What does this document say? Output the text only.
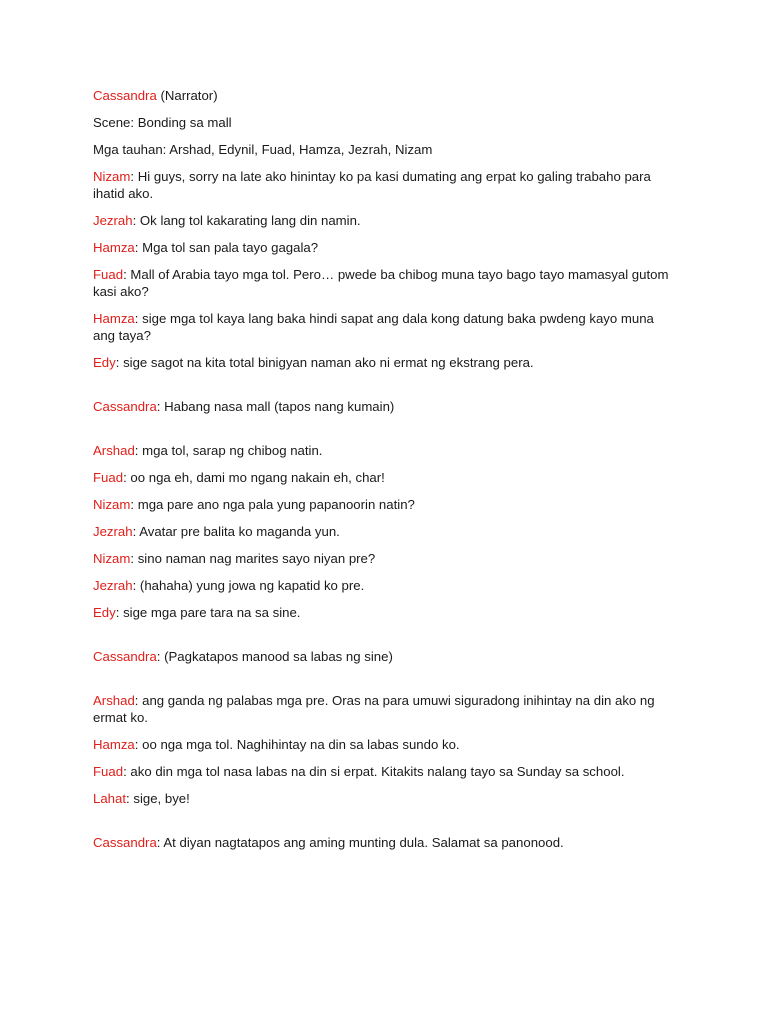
Cassandra (Narrator)

Scene: Bonding sa mall

Mga tauhan: Arshad, Edynil, Fuad, Hamza, Jezrah, Nizam

Nizam: Hi guys, sorry na late ako hinintay ko pa kasi dumating ang erpat ko galing trabaho para ihatid ako.

Jezrah: Ok lang tol kakarating lang din namin.

Hamza: Mga tol san pala tayo gagala?

Fuad: Mall of Arabia tayo mga tol. Pero… pwede ba chibog muna tayo bago tayo mamasyal gutom kasi ako?

Hamza: sige mga tol kaya lang baka hindi sapat ang dala kong datung baka pwdeng kayo muna ang taya?

Edy: sige sagot na kita total binigyan naman ako ni ermat ng ekstrang pera.

Cassandra: Habang nasa mall (tapos nang kumain)

Arshad: mga tol, sarap ng chibog natin.

Fuad: oo nga eh, dami mo ngang nakain eh, char!

Nizam: mga pare ano nga pala yung papanoorin natin?

Jezrah: Avatar pre balita ko maganda yun.

Nizam: sino naman nag marites sayo niyan pre?

Jezrah: (hahaha) yung jowa ng kapatid ko pre.

Edy: sige mga pare tara na sa sine.

Cassandra: (Pagkatapos manood sa labas ng sine)

Arshad: ang ganda ng palabas mga pre. Oras na para umuwi siguradong inihintay na din ako ng ermat ko.

Hamza: oo nga mga tol. Naghihintay na din sa labas sundo ko.

Fuad: ako din mga tol nasa labas na din si erpat. Kitakits nalang tayo sa Sunday sa school.

Lahat: sige, bye!

Cassandra: At diyan nagtatapos ang aming munting dula. Salamat sa panonood.
